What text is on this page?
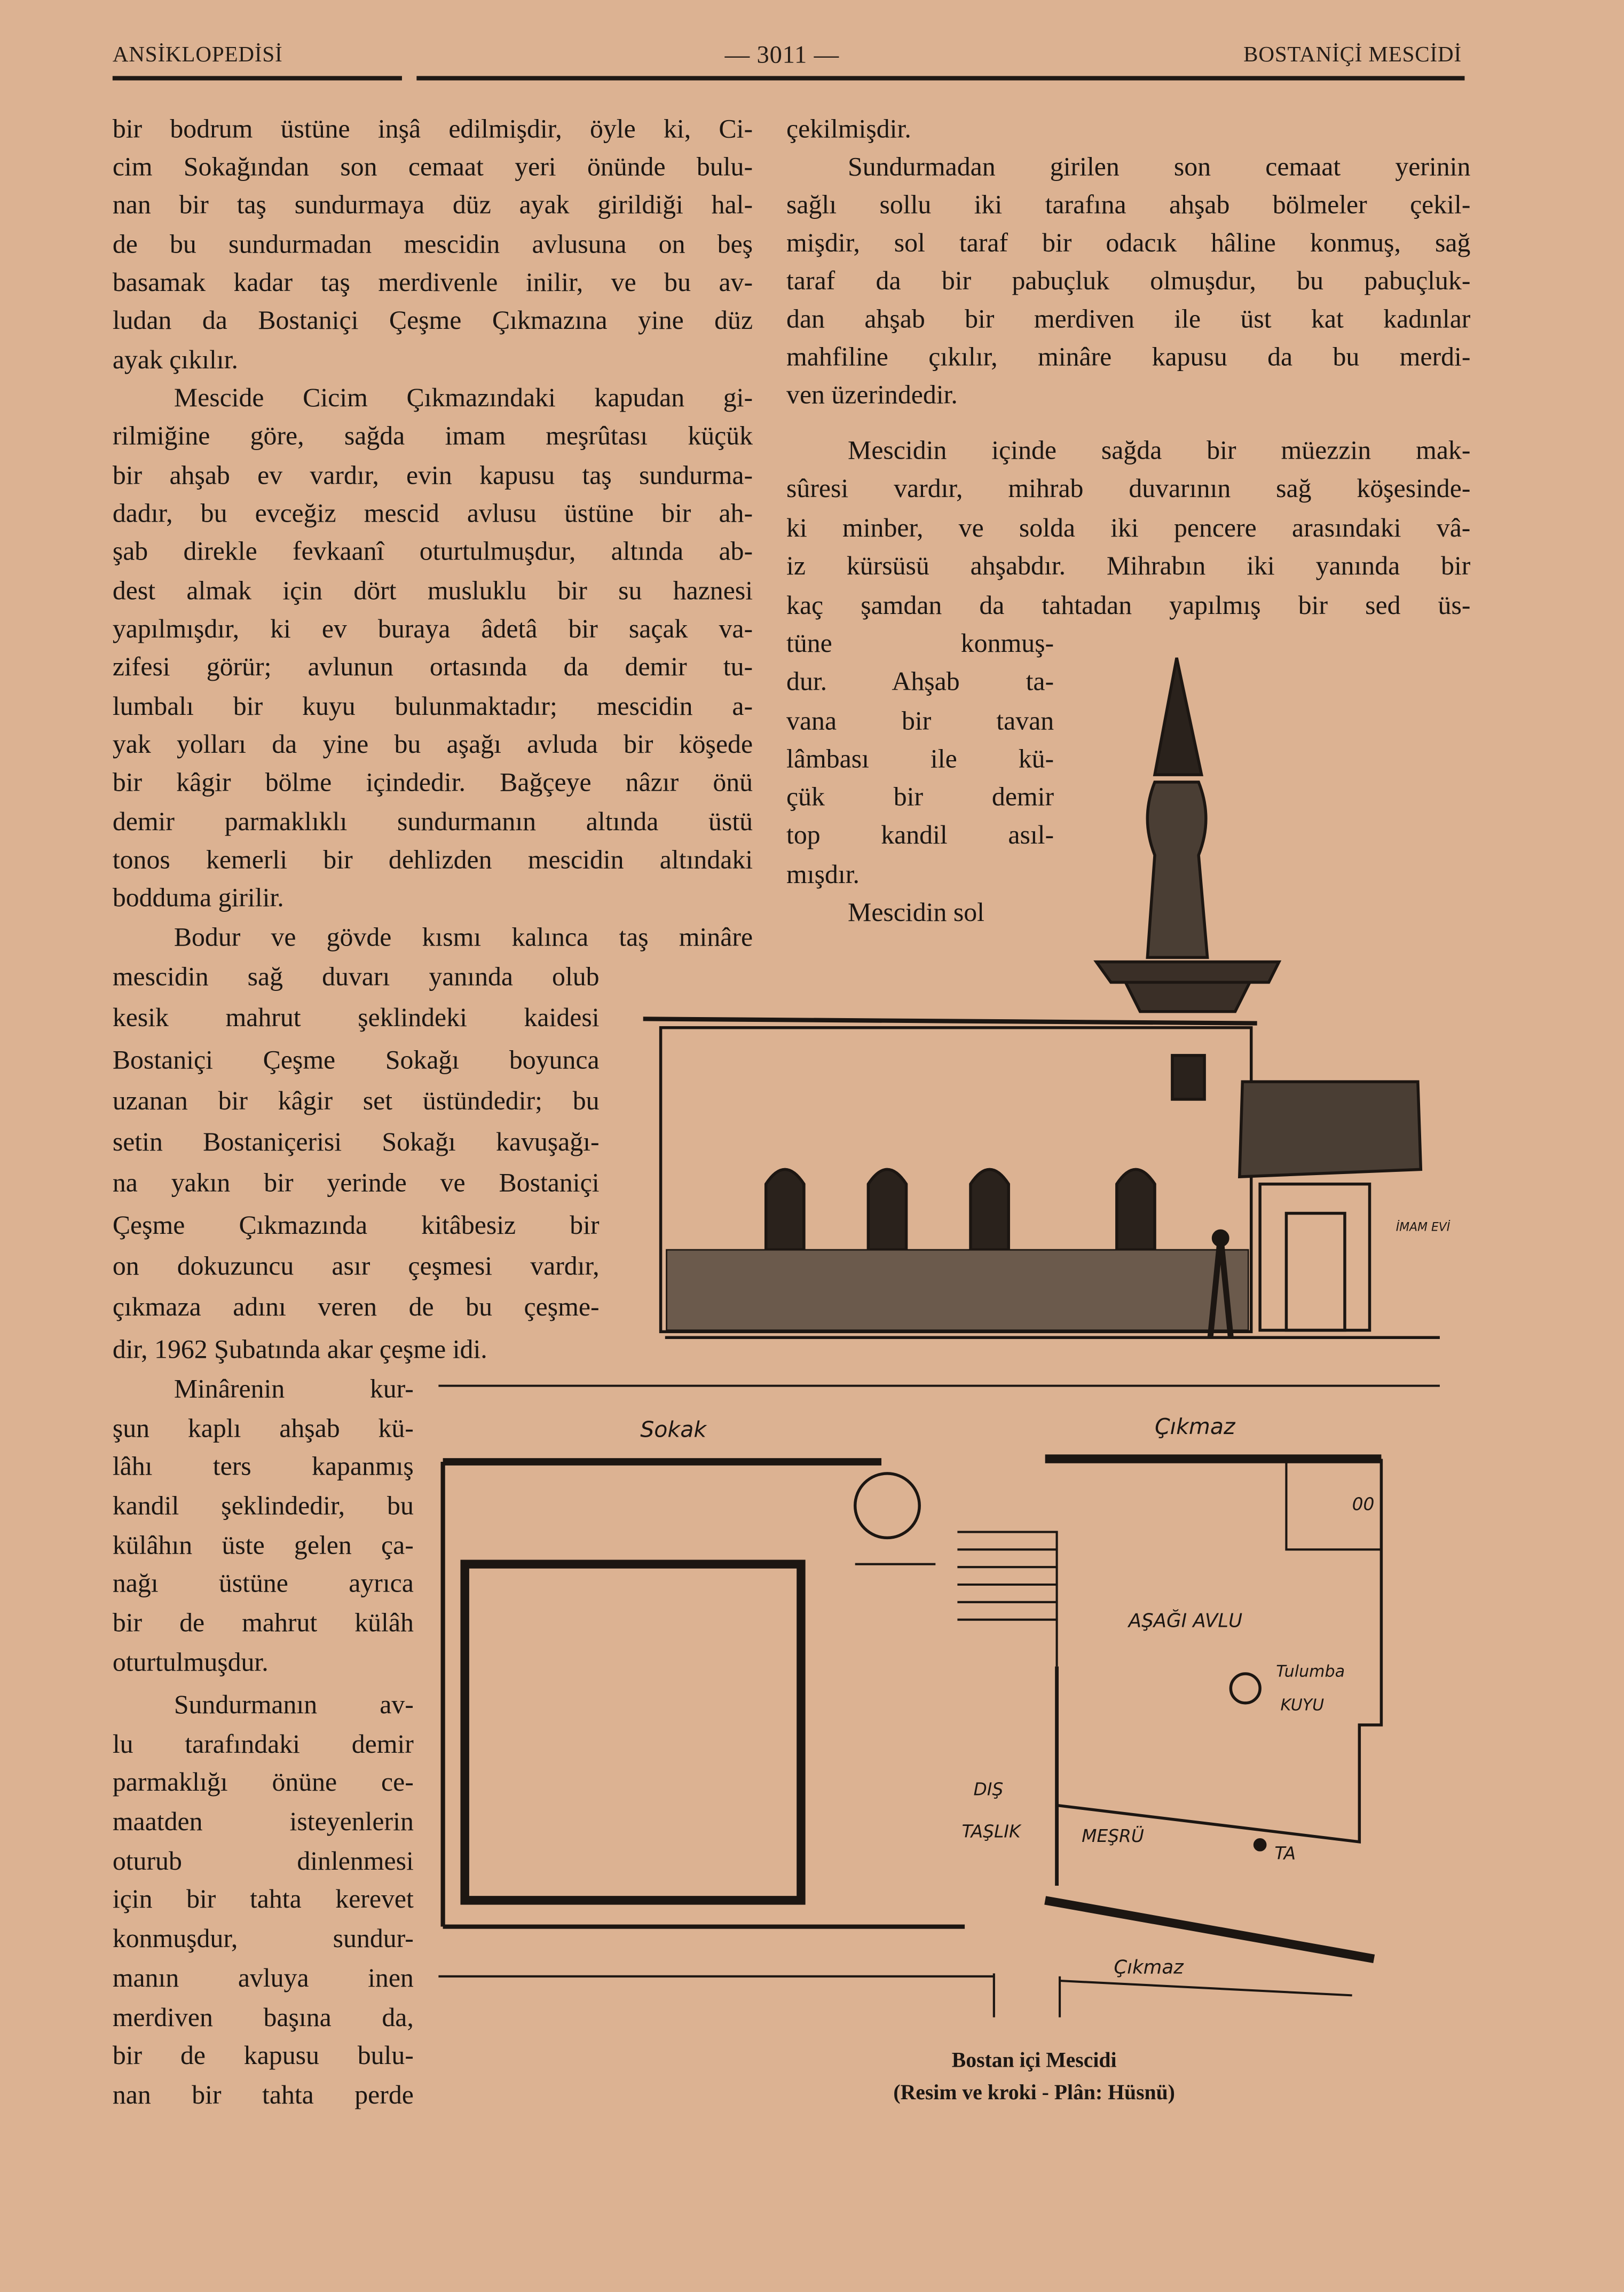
ANSİKLOPEDİSİ	— 3011 —	BOSTANİÇİ MESCİDİ
bir bodrum üstüne inşâ edilmişdir, öyle ki, Ci-
cim Sokağından son cemaat yeri önünde bulu-
nan bir taş sundurmaya düz ayak girildiği hal-
de bu sundurmadan mescidin avlusuna on beş
basamak kadar taş merdivenle inilir, ve bu av-
ludan da Bostaniçi Çeşme Çıkmazına yine düz
ayak çıkılır.
Mescide Cicim Çıkmazındaki kapudan gi-
rilmiğine göre, sağda imam meşrûtası küçük
bir ahşab ev vardır, evin kapusu taş sundurma-
dadır, bu evceğiz mescid avlusu üstüne bir ah-
şab direkle fevkaanî oturtulmuşdur, altında ab-
dest almak için dört musluklu bir su haznesi
yapılmışdır, ki ev buraya âdetâ bir saçak va-
zifesi görür; avlunun ortasında da demir tu-
lumbalı bir kuyu bulunmaktadır; mescidin a-
yak yolları da yine bu aşağı avluda bir köşede
bir kâgir bölme içindedir. Bağçeye nâzır önü
demir parmaklıklı sundurmanın altında üstü
tonos kemerli bir dehlizden mescidin altındaki
bodduma girilir.
Bodur ve gövde kısmı kalınca taş minâre
mescidin sağ duvarı yanında olub
kesik mahrut şeklindeki kaidesi
Bostaniçi Çeşme Sokağı boyunca
uzanan bir kâgir set üstündedir; bu
setin Bostaniçerisi Sokağı kavuşağı-
na yakın bir yerinde ve Bostaniçi
Çeşme Çıkmazında kitâbesiz bir
on dokuzuncu asır çeşmesi vardır,
çıkmaza adını veren de bu çeşme-
dir, 1962 Şubatında akar çeşme idi.
Minârenin kur-
şun kaplı ahşab kü-
lâhı ters kapanmış
kandil şeklindedir, bu
külâhın üste gelen ça-
nağı üstüne ayrıca
bir de mahrut külâh
oturtulmuşdur.
Sundurmanın av-
lu tarafındaki demir
parmaklığı önüne ce-
maatden isteyenlerin
oturub dinlenmesi
için bir tahta kerevet
konmuşdur, sundur-
manın avluya inen
merdiven başına da,
bir de kapusu bulu-
nan bir tahta perde
çekilmişdir.
Sundurmadan girilen son cemaat yerinin
sağlı sollu iki tarafına ahşab bölmeler çekil-
mişdir, sol taraf bir odacık hâline konmuş, sağ
taraf da bir pabuçluk olmuşdur, bu pabuçluk-
dan ahşab bir merdiven ile üst kat kadınlar
mahfiline çıkılır, minâre kapusu da bu merdi-
ven üzerindedir.
Mescidin içinde sağda bir müezzin mak-
sûresi vardır, mihrab duvarının sağ köşesinde-
ki minber, ve solda iki pencere arasındaki vâ-
iz kürsüsü ahşabdır. Mihrabın iki yanında bir
kaç şamdan da tahtadan yapılmış bir sed üs-
tüne konmuş-
dur. Ahşab ta-
vana bir tavan
lâmbası ile kü-
çük bir demir
top kandil asıl-
mışdır.
Mescidin sol
İMAM EVİ
Sokak	Çıkmaz
00
AŞAĞI AVLU
Tulumba
KUYU
DIŞ
TAŞLIK	MEŞRÜ
TA
Çıkmaz
Bostan içi Mescidi
(Resim ve kroki - Plân: Hüsnü)
